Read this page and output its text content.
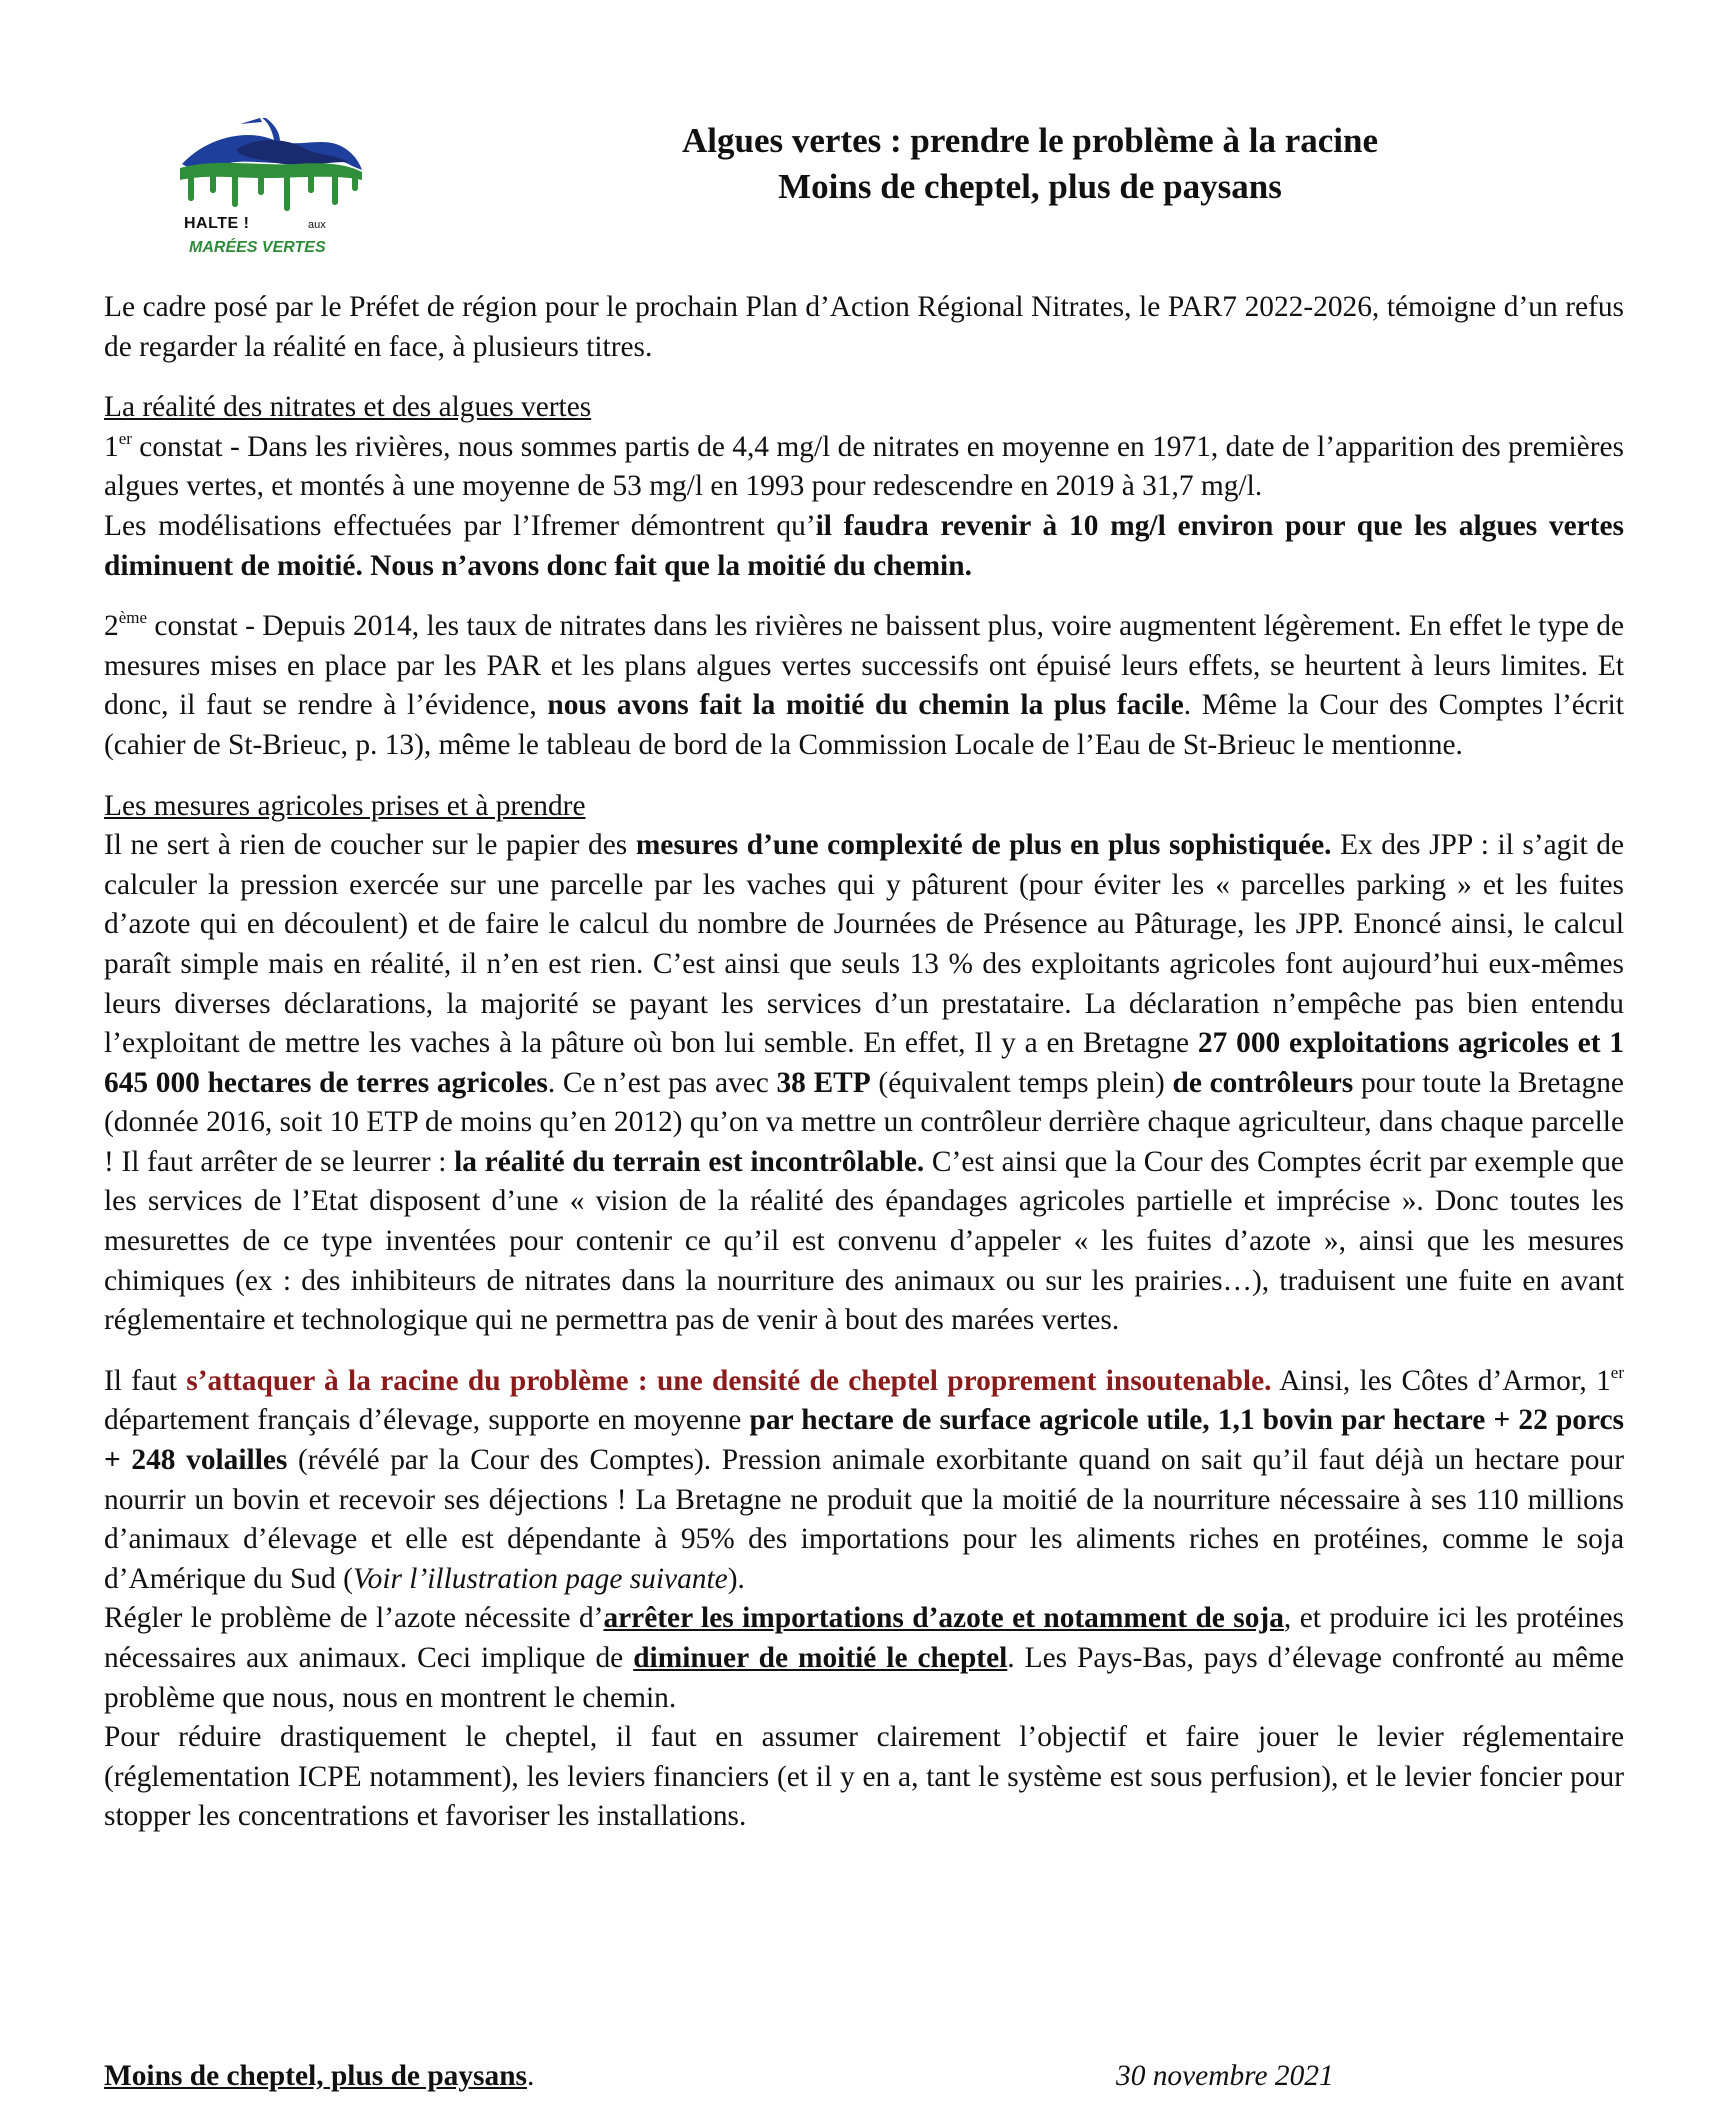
HALTE !	aux
MARÉES VERTES
Algues vertes : prendre le problème à la racine
Moins de cheptel, plus de paysans

Le cadre posé par le Préfet de région pour le prochain Plan d’Action Régional Nitrates, le PAR7 2022-2026, témoigne d’un refus de regarder la réalité en face, à plusieurs titres.

La réalité des nitrates et des algues vertes
1er constat - Dans les rivières, nous sommes partis de 4,4 mg/l de nitrates en moyenne en 1971, date de l’apparition des premières algues vertes, et montés à une moyenne de 53 mg/l en 1993 pour redescendre en 2019 à 31,7 mg/l.
Les modélisations effectuées par l’Ifremer démontrent qu’il faudra revenir à 10 mg/l environ pour que les algues vertes diminuent de moitié. Nous n’avons donc fait que la moitié du chemin.

2ème constat - Depuis 2014, les taux de nitrates dans les rivières ne baissent plus, voire augmentent légèrement. En effet le type de mesures mises en place par les PAR et les plans algues vertes successifs ont épuisé leurs effets, se heurtent à leurs limites. Et donc, il faut se rendre à l’évidence, nous avons fait la moitié du chemin la plus facile. Même la Cour des Comptes l’écrit (cahier de St-Brieuc, p. 13), même le tableau de bord de la Commission Locale de l’Eau de St-Brieuc le mentionne.

Les mesures agricoles prises et à prendre
Il ne sert à rien de coucher sur le papier des mesures d’une complexité de plus en plus sophistiquée. Ex des JPP : il s’agit de calculer la pression exercée sur une parcelle par les vaches qui y pâturent (pour éviter les « parcelles parking » et les fuites d’azote qui en découlent) et de faire le calcul du nombre de Journées de Présence au Pâturage, les JPP. Enoncé ainsi, le calcul paraît simple mais en réalité, il n’en est rien. C’est ainsi que seuls 13 % des exploitants agricoles font aujourd’hui eux-mêmes leurs diverses déclarations, la majorité se payant les services d’un prestataire. La déclaration n’empêche pas bien entendu l’exploitant de mettre les vaches à la pâture où bon lui semble. En effet, Il y a en Bretagne 27 000 exploitations agricoles et 1 645 000 hectares de terres agricoles. Ce n’est pas avec 38 ETP (équivalent temps plein) de contrôleurs pour toute la Bretagne (donnée 2016, soit 10 ETP de moins qu’en 2012) qu’on va mettre un contrôleur derrière chaque agriculteur, dans chaque parcelle ! Il faut arrêter de se leurrer : la réalité du terrain est incontrôlable. C’est ainsi que la Cour des Comptes écrit par exemple que les services de l’Etat disposent d’une « vision de la réalité des épandages agricoles partielle et imprécise ». Donc toutes les mesurettes de ce type inventées pour contenir ce qu’il est convenu d’appeler « les fuites d’azote », ainsi que les mesures chimiques (ex : des inhibiteurs de nitrates dans la nourriture des animaux ou sur les prairies…), traduisent une fuite en avant réglementaire et technologique qui ne permettra pas de venir à bout des marées vertes.

Il faut s’attaquer à la racine du problème : une densité de cheptel proprement insoutenable. Ainsi, les Côtes d’Armor, 1er département français d’élevage, supporte en moyenne par hectare de surface agricole utile, 1,1 bovin par hectare + 22 porcs + 248 volailles (révélé par la Cour des Comptes). Pression animale exorbitante quand on sait qu’il faut déjà un hectare pour nourrir un bovin et recevoir ses déjections ! La Bretagne ne produit que la moitié de la nourriture nécessaire à ses 110 millions d’animaux d’élevage et elle est dépendante à 95% des importations pour les aliments riches en protéines, comme le soja d’Amérique du Sud (Voir l’illustration page suivante).
Régler le problème de l’azote nécessite d’arrêter les importations d’azote et notamment de soja, et produire ici les protéines nécessaires aux animaux. Ceci implique de diminuer de moitié le cheptel. Les Pays-Bas, pays d’élevage confronté au même problème que nous, nous en montrent le chemin.
Pour réduire drastiquement le cheptel, il faut en assumer clairement l’objectif et faire jouer le levier réglementaire (réglementation ICPE notamment), les leviers financiers (et il y en a, tant le système est sous perfusion), et le levier foncier pour stopper les concentrations et favoriser les installations.

Moins de cheptel, plus de paysans.	30 novembre 2021
